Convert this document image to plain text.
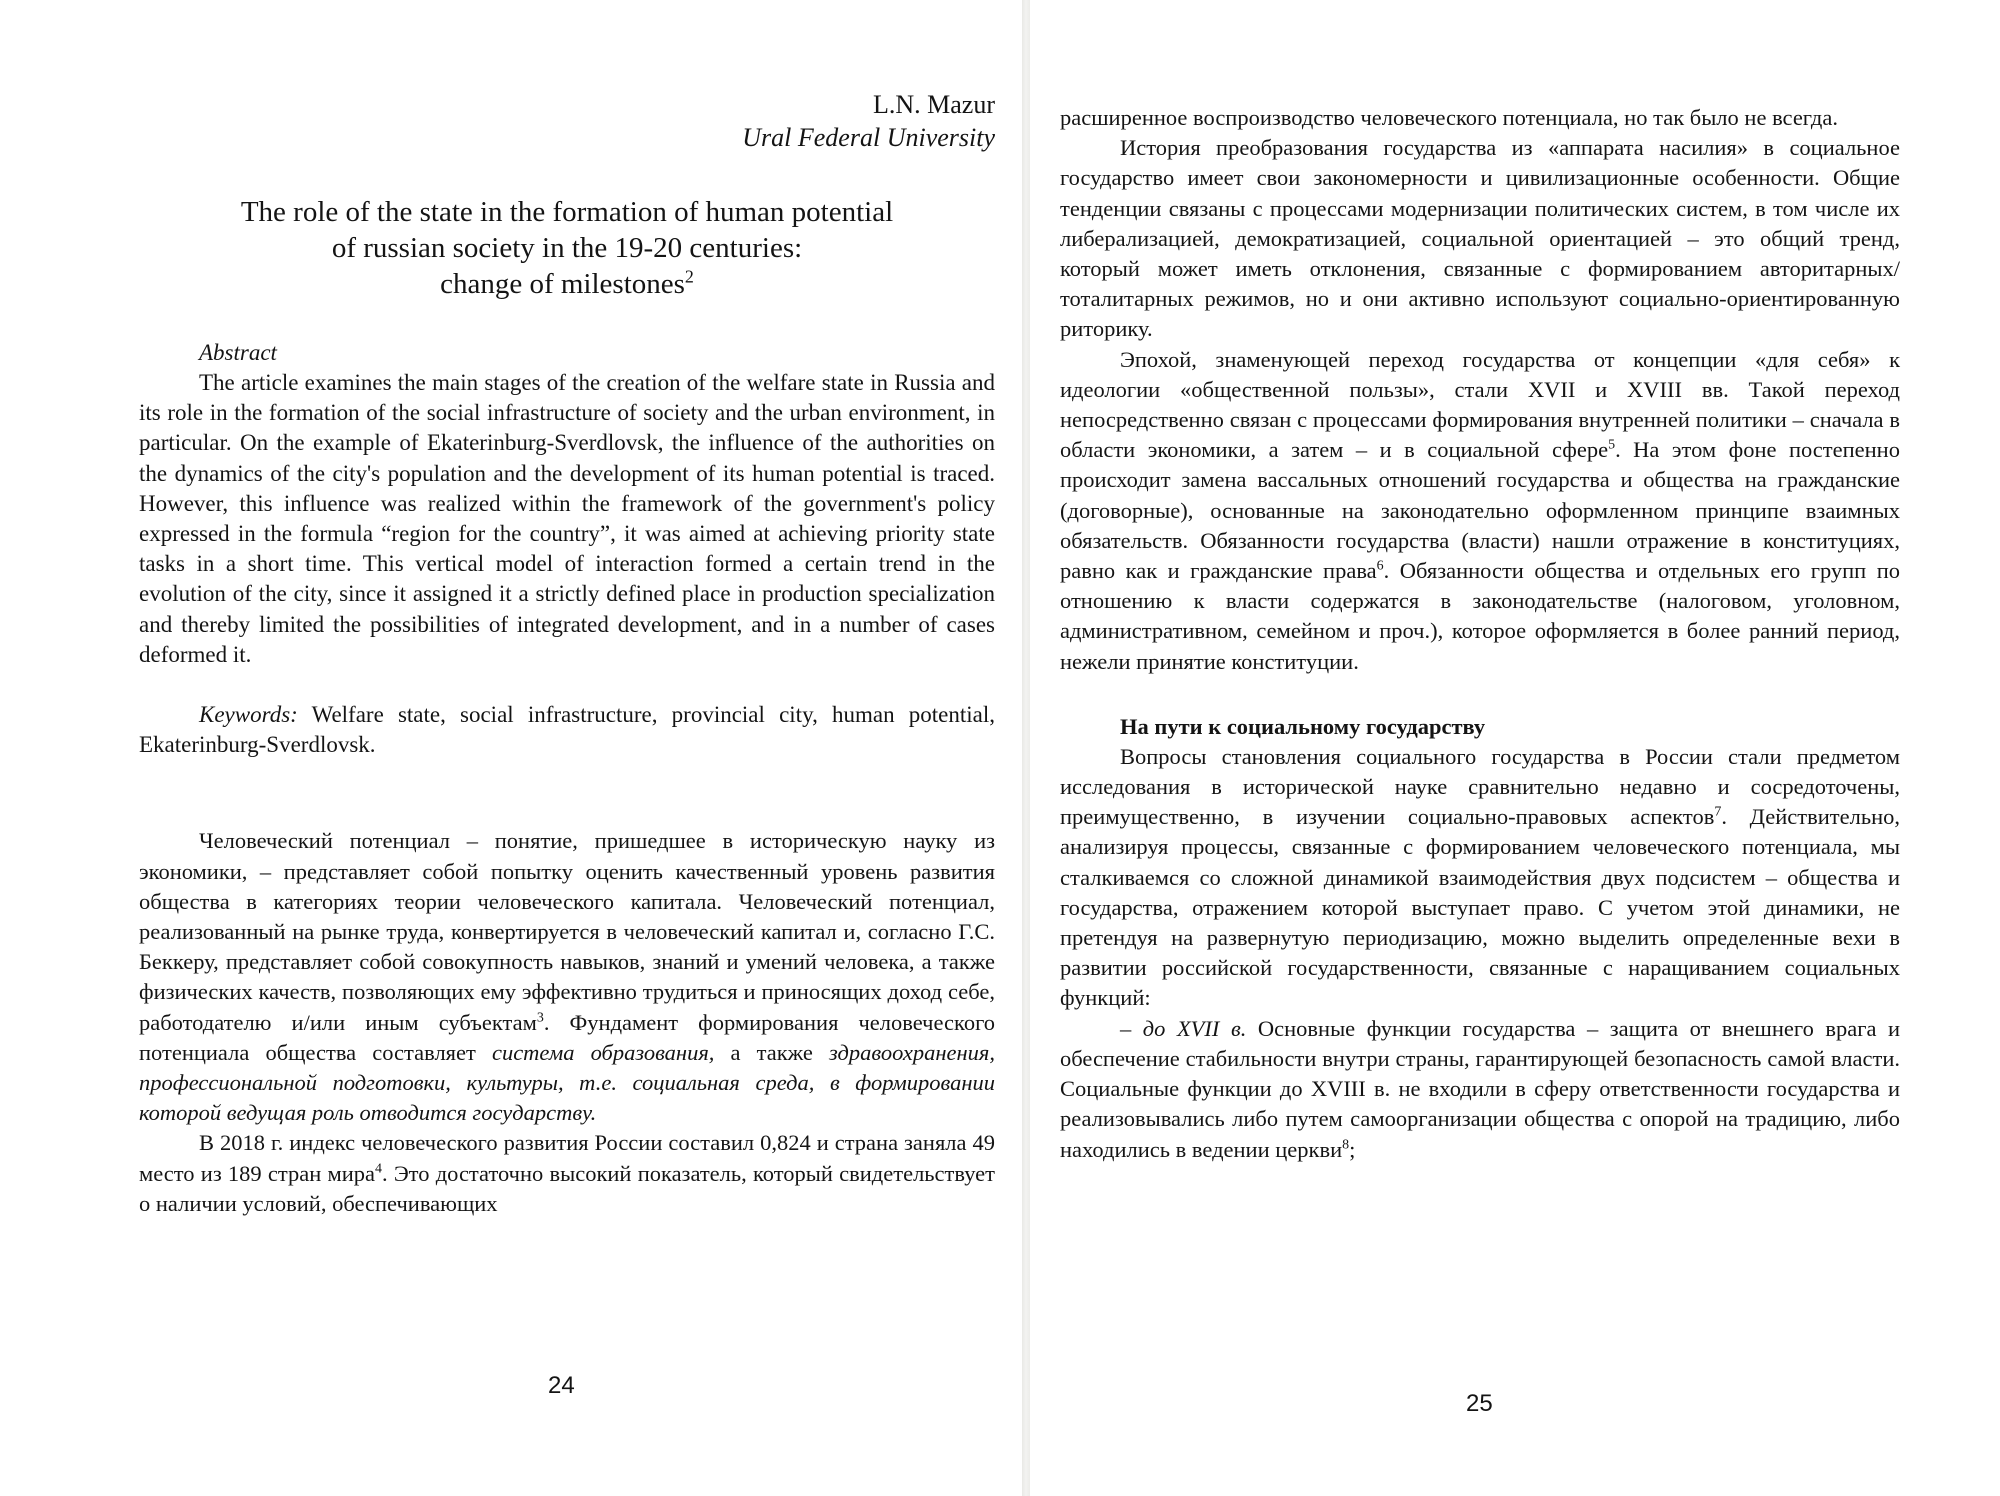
L.N. Mazur

Ural Federal University

The role of the state in the formation of human potential
of russian society in the 19-20 centuries:
change of milestones$^2$

Abstract

The article examines the main stages of the creation of the welfare state in Russia and its role in the formation of the social infrastructure of society and the urban environment, in particular. On the example of Ekaterinburg-Sverdlovsk, the influence of the authorities on the dynamics of the city's population and the development of its human potential is traced. However, this influence was realized within the framework of the government's policy expressed in the formula “region for the country”, it was aimed at achieving priority state tasks in a short time. This vertical model of interaction formed a certain trend in the evolution of the city, since it assigned it a strictly defined place in production specialization and thereby limited the possibilities of integrated development, and in a number of cases deformed it.

Keywords: Welfare state, social infrastructure, provincial city, human potential, Ekaterinburg-Sverdlovsk.

Человеческий потенциал – понятие, пришедшее в историческую науку из экономики, – представляет собой попытку оценить качественный уровень развития общества в категориях теории человеческого капитала. Человеческий потенциал, реализованный на рынке труда, конвертируется в человеческий капитал и, согласно Г.С. Беккеру, представляет собой совокупность навыков, знаний и умений человека, а также физических качеств, позволяющих ему эффективно трудиться и приносящих доход себе, работодателю и/или иным субъектам$^3$. Фундамент формирования человеческого потенциала общества составляет система образования, а также здравоохранения, профессиональной подготовки, культуры, т.е. социальная среда, в формировании которой ведущая роль отводится государству.

В 2018 г. индекс человеческого развития России составил 0,824 и страна заняла 49 место из 189 стран мира$^4$. Это достаточно высокий показатель, который свидетельствует о наличии условий, обеспечивающих

24

расширенное воспроизводство человеческого потенциала, но так было не всегда.

История преобразования государства из «аппарата насилия» в социальное государство имеет свои закономерности и цивилизационные особенности. Общие тенденции связаны с процессами модернизации политических систем, в том числе их либерализацией, демократизацией, социальной ориентацией – это общий тренд, который может иметь отклонения, связанные с формированием авторитарных/тоталитарных режимов, но и они активно используют социально-ориентированную риторику.

Эпохой, знаменующей переход государства от концепции «для себя» к идеологии «общественной пользы», стали XVII и XVIII вв. Такой переход непосредственно связан с процессами формирования внутренней политики – сначала в области экономики, а затем – и в социальной сфере$^5$. На этом фоне постепенно происходит замена вассальных отношений государства и общества на гражданские (договорные), основанные на законодательно оформленном принципе взаимных обязательств. Обязанности государства (власти) нашли отражение в конституциях, равно как и гражданские права$^6$. Обязанности общества и отдельных его групп по отношению к власти содержатся в законодательстве (налоговом, уголовном, административном, семейном и проч.), которое оформляется в более ранний период, нежели принятие конституции.

На пути к социальному государству

Вопросы становления социального государства в России стали предметом исследования в исторической науке сравнительно недавно и сосредоточены, преимущественно, в изучении социально-правовых аспектов$^7$. Действительно, анализируя процессы, связанные с формированием человеческого потенциала, мы сталкиваемся со сложной динамикой взаимодействия двух подсистем – общества и государства, отражением которой выступает право. С учетом этой динамики, не претендуя на развернутую периодизацию, можно выделить определенные вехи в развитии российской государственности, связанные с наращиванием социальных функций:

– до XVII в. Основные функции государства – защита от внешнего врага и обеспечение стабильности внутри страны, гарантирующей безопасность самой власти. Социальные функции до XVIII в. не входили в сферу ответственности государства и реализовывались либо путем самоорганизации общества с опорой на традицию, либо находились в ведении церкви$^8$;

25
